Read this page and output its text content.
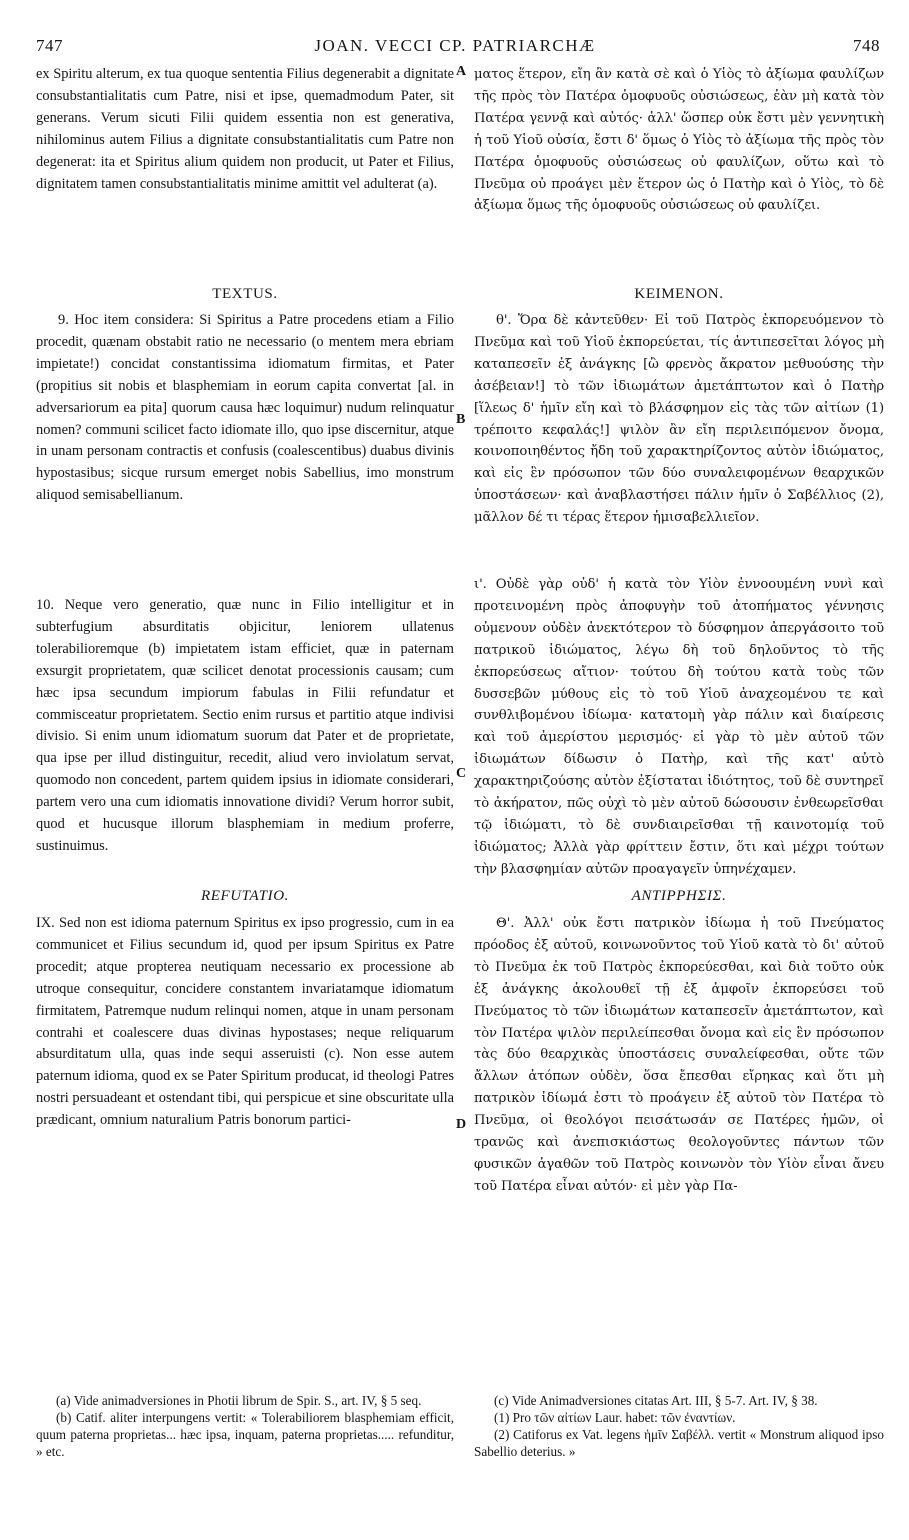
747	JOAN. VECCI CP. PATRIARCHÆ	748

ex Spiritu alterum, ex tua quoque sententia Filius degenerabit a dignitate consubstantialitatis cum Patre, nisi et ipse, quemadmodum Pater, sit generans. Verum sicuti Filii quidem essentia non est generativa, nihilominus autem Filius a dignitate consubstantialitatis cum Patre non degenerat: ita et Spiritus alium quidem non producit, ut Pater et Filius, dignitatem tamen consubstantialitatis minime amittit vel adulterat (a).

TEXTUS.

9. Hoc item considera: Si Spiritus a Patre procedens etiam a Filio procedit, quænam obstabit ratio ne necessario (o mentem mera ebriam impietate!) concidat constantissima idiomatum firmitas, et Pater (propitius sit nobis et blasphemiam in eorum capita convertat [al. in adversariorum ea pita] quorum causa hæc loquimur) nudum relinquatur nomen? communi scilicet facto idiomate illo, quo ipse discernitur, atque in unam personam contractis et confusis (coalescentibus) duabus divinis hypostasibus; sicque rursum emerget nobis Sabellius, imo monstrum aliquod semisabellianum.

10. Neque vero generatio, quæ nunc in Filio intelligitur et in subterfugium absurditatis objicitur, leniorem ullatenus tolerabilioremque (b) impietatem istam efficiet, quæ in paternam exsurgit proprietatem, quæ scilicet denotat processionis causam; cum hæc ipsa secundum impiorum fabulas in Filii refundatur et commisceatur proprietatem. Sectio enim rursus et partitio atque indivisi divisio. Si enim unum idiomatum suorum dat Pater et de proprietate, qua ipse per illud distinguitur, recedit, aliud vero inviolatum servat, quomodo non concedent, partem quidem ipsius in idiomate considerari, partem vero una cum idiomatis innovatione dividi? Verum horror subit, quod et hucusque illorum blasphemiam in medium proferre, sustinuimus.

REFUTATIO.

IX. Sed non est idioma paternum Spiritus ex ipso progressio, cum in ea communicet et Filius secundum id, quod per ipsum Spiritus ex Patre procedit; atque propterea neutiquam necessario ex processione ab utroque consequitur, concidere constantem invariatamque idiomatum firmitatem, Patremque nudum relinqui nomen, atque in unam personam contrahi et coalescere duas divinas hypostases; neque reliquarum absurditatum ulla, quas inde sequi asseruisti (c). Non esse autem paternum idioma, quod ex se Pater Spiritum producat, id theologi Patres nostri persuadeant et ostendant tibi, qui perspicue et sine obscuritate ulla prædicant, omnium naturalium Patris bonorum partici-

A
B
C
D

ματος ἕτερον, εἴη ἂν κατὰ σὲ καὶ ὁ Υἱὸς τὸ ἀξίωμα φαυλίζων τῆς πρὸς τὸν Πατέρα ὁμοφυοῦς οὐσιώσεως, ἐὰν μὴ κατὰ τὸν Πατέρα γεννᾷ καὶ αὐτός· ἀλλ' ὥσπερ οὐκ ἔστι μὲν γεννητικὴ ἡ τοῦ Υἱοῦ οὐσία, ἔστι δ' ὅμως ὁ Υἱὸς τὸ ἀξίωμα τῆς πρὸς τὸν Πατέρα ὁμοφυοῦς οὐσιώσεως οὐ φαυλίζων, οὕτω καὶ τὸ Πνεῦμα οὐ προάγει μὲν ἕτερον ὡς ὁ Πατὴρ καὶ ὁ Υἱὸς, τὸ δὲ ἀξίωμα ὅμως τῆς ὁμοφυοῦς οὐσιώσεως οὐ φαυλίζει.

ΚΕΙΜΕΝΟΝ.

θ'. Ὅρα δὲ κἀντεῦθεν· Εἰ τοῦ Πατρὸς ἐκπορευόμενον τὸ Πνεῦμα καὶ τοῦ Υἱοῦ ἐκπορεύεται, τίς ἀντιπεσεῖται λόγος μὴ καταπεσεῖν ἐξ ἀνάγκης [ὢ φρενὸς ἄκρατον μεθυούσης τὴν ἀσέβειαν!] τὸ τῶν ἰδιωμάτων ἀμετάπτωτον καὶ ὁ Πατὴρ [ἵλεως δ' ἡμῖν εἴη καὶ τὸ βλάσφημον εἰς τὰς τῶν αἰτίων (1) τρέποιτο κεφαλάς!] ψιλὸν ἂν εἴη περιλειπόμενον ὄνομα, κοινοποιηθέντος ἤδη τοῦ χαρακτηρίζοντος αὐτὸν ἰδιώματος, καὶ εἰς ἓν πρόσωπον τῶν δύο συναλειφομένων θεαρχικῶν ὑποστάσεων· καὶ ἀναβλαστήσει πάλιν ἡμῖν ὁ Σαβέλλιος (2), μᾶλλον δέ τι τέρας ἕτερον ἡμισαβελλιεῖον.

ι'. Οὐδὲ γὰρ οὐδ' ἡ κατὰ τὸν Υἱὸν ἐννοουμένη νυνὶ καὶ προτεινομένη πρὸς ἀποφυγὴν τοῦ ἀτοπήματος γέννησις οὐμενουν οὐδὲν ἀνεκτότερον τὸ δύσφημον ἀπεργάσοιτο τοῦ πατρικοῦ ἰδιώματος, λέγω δὴ τοῦ δηλοῦντος τὸ τῆς ἐκπορεύσεως αἴτιον· τούτου δὴ τούτου κατὰ τοὺς τῶν δυσσεβῶν μύθους εἰς τὸ τοῦ Υἱοῦ ἀναχεομένου τε καὶ συνθλιβομένου ἰδίωμα· κατατομὴ γὰρ πάλιν καὶ διαίρεσις καὶ τοῦ ἀμερίστου μερισμός· εἰ γὰρ τὸ μὲν αὐτοῦ τῶν ἰδιωμάτων δίδωσιν ὁ Πατὴρ, καὶ τῆς κατ' αὐτὸ χαρακτηριζούσης αὐτὸν ἐξίσταται ἰδιότητος, τοῦ δὲ συντηρεῖ τὸ ἀκήρατον, πῶς οὐχὶ τὸ μὲν αὐτοῦ δώσουσιν ἐνθεωρεῖσθαι τῷ ἰδιώματι, τὸ δὲ συνδιαιρεῖσθαι τῇ καινοτομίᾳ τοῦ ἰδιώματος; Ἀλλὰ γὰρ φρίττειν ἔστιν, ὅτι καὶ μέχρι τούτων τὴν βλασφημίαν αὐτῶν προαγαγεῖν ὑπηνέχαμεν.

ΑΝΤΙΡΡΗΣΙΣ.

Θ'. Ἀλλ' οὐκ ἔστι πατρικὸν ἰδίωμα ἡ τοῦ Πνεύματος πρόοδος ἐξ αὐτοῦ, κοινωνοῦντος τοῦ Υἱοῦ κατὰ τὸ δι' αὐτοῦ τὸ Πνεῦμα ἐκ τοῦ Πατρὸς ἐκπορεύεσθαι, καὶ διὰ τοῦτο οὐκ ἐξ ἀνάγκης ἀκολουθεῖ τῇ ἐξ ἀμφοῖν ἐκπορεύσει τοῦ Πνεύματος τὸ τῶν ἰδιωμάτων καταπεσεῖν ἀμετάπτωτον, καὶ τὸν Πατέρα ψιλὸν περιλείπεσθαι ὄνομα καὶ εἰς ἓν πρόσωπον τὰς δύο θεαρχικὰς ὑποστάσεις συναλείφεσθαι, οὔτε τῶν ἄλλων ἀτόπων οὐδὲν, ὅσα ἔπεσθαι εἴρηκας καὶ ὅτι μὴ πατρικὸν ἰδίωμά ἐστι τὸ προάγειν ἐξ αὐτοῦ τὸν Πατέρα τὸ Πνεῦμα, οἱ θεολόγοι πεισάτωσάν σε Πατέρες ἡμῶν, οἱ τρανῶς καὶ ἀνεπισκιάστως θεολογοῦντες πάντων τῶν φυσικῶν ἀγαθῶν τοῦ Πατρὸς κοινωνὸν τὸν Υἱὸν εἶναι ἄνευ τοῦ Πατέρα εἶναι αὐτόν· εἰ μὲν γὰρ Πα-

(a) Vide animadversiones in Photii librum de Spir. S., art. IV, § 5 seq.

(b) Catif. aliter interpungens vertit: « Tolerabiliorem blasphemiam efficit, quum paterna proprietas... hæc ipsa, inquam, paterna proprietas..... refunditur, » etc.

(c) Vide Animadversiones citatas Art. III, § 5-7. Art. IV, § 38.

(1) Pro τῶν αἰτίων Laur. habet: τῶν ἐναντίων.

(2) Catiforus ex Vat. legens ἡμῖν Σαβέλλ. vertit « Monstrum aliquod ipso Sabellio deterius. »
